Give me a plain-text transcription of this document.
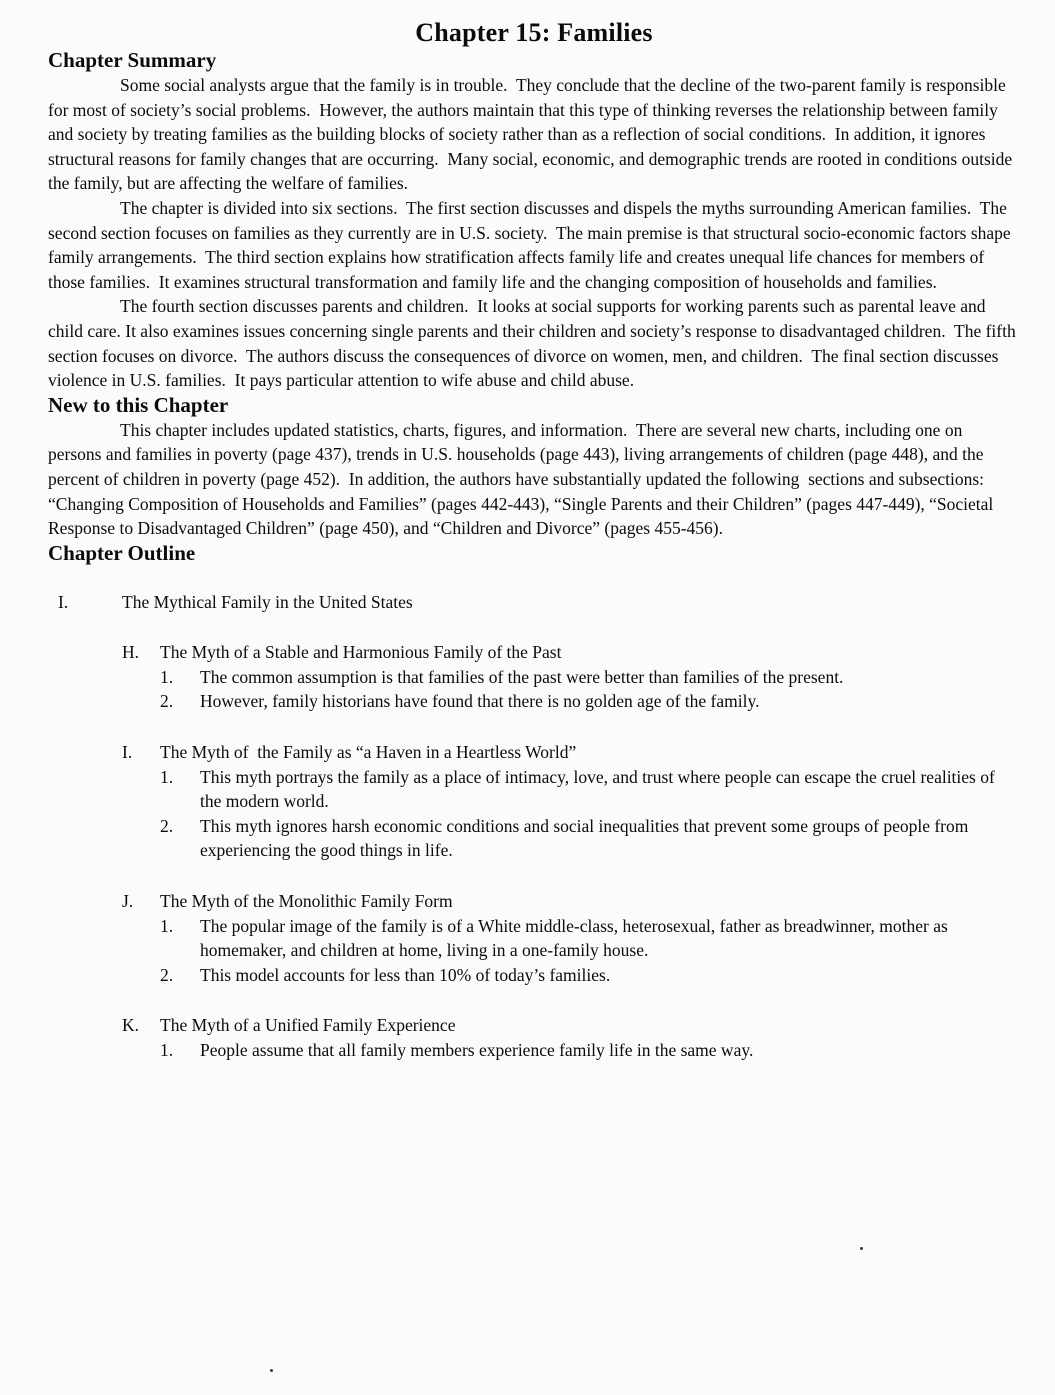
Chapter 15: Families
Chapter Summary

Some social analysts argue that the family is in trouble.  They conclude that the decline of the two-parent family is responsible for most of society’s social problems.  However, the authors maintain that this type of thinking reverses the relationship between family and society by treating families as the building blocks of society rather than as a reflection of social conditions.  In addition, it ignores structural reasons for family changes that are occurring.  Many social, economic, and demographic trends are rooted in conditions outside the family, but are affecting the welfare of families.

The chapter is divided into six sections.  The first section discusses and dispels the myths surrounding American families.  The second section focuses on families as they currently are in U.S. society.  The main premise is that structural socio-economic factors shape family arrangements.  The third section explains how stratification affects family life and creates unequal life chances for members of those families.  It examines structural transformation and family life and the changing composition of households and families.

The fourth section discusses parents and children.  It looks at social supports for working parents such as parental leave and child care. It also examines issues concerning single parents and their children and society’s response to disadvantaged children.  The fifth section focuses on divorce.  The authors discuss the consequences of divorce on women, men, and children.  The final section discusses violence in U.S. families.  It pays particular attention to wife abuse and child abuse.

New to this Chapter

This chapter includes updated statistics, charts, figures, and information.  There are several new charts, including one on persons and families in poverty (page 437), trends in U.S. households (page 443), living arrangements of children (page 448), and the percent of children in poverty (page 452).  In addition, the authors have substantially updated the following  sections and subsections:  “Changing Composition of Households and Families” (pages 442-443), “Single Parents and their Children” (pages 447-449), “Societal Response to Disadvantaged Children” (page 450), and “Children and Divorce” (pages 455-456).

Chapter Outline
I.	The Mythical Family in the United States
H.	The Myth of a Stable and Harmonious Family of the Past
1.	The common assumption is that families of the past were better than families of the present.
2.	However, family historians have found that there is no golden age of the family.
I.	The Myth of  the Family as “a Haven in a Heartless World”
1.	This myth portrays the family as a place of intimacy, love, and trust where people can escape the cruel realities of the modern world.
2.	This myth ignores harsh economic conditions and social inequalities that prevent some groups of people from experiencing the good things in life.
J.	The Myth of the Monolithic Family Form
1.	The popular image of the family is of a White middle-class, heterosexual, father as breadwinner, mother as homemaker, and children at home, living in a one-family house.
2.	This model accounts for less than 10% of today’s families.
K.	The Myth of a Unified Family Experience
1.	People assume that all family members experience family life in the same way.
